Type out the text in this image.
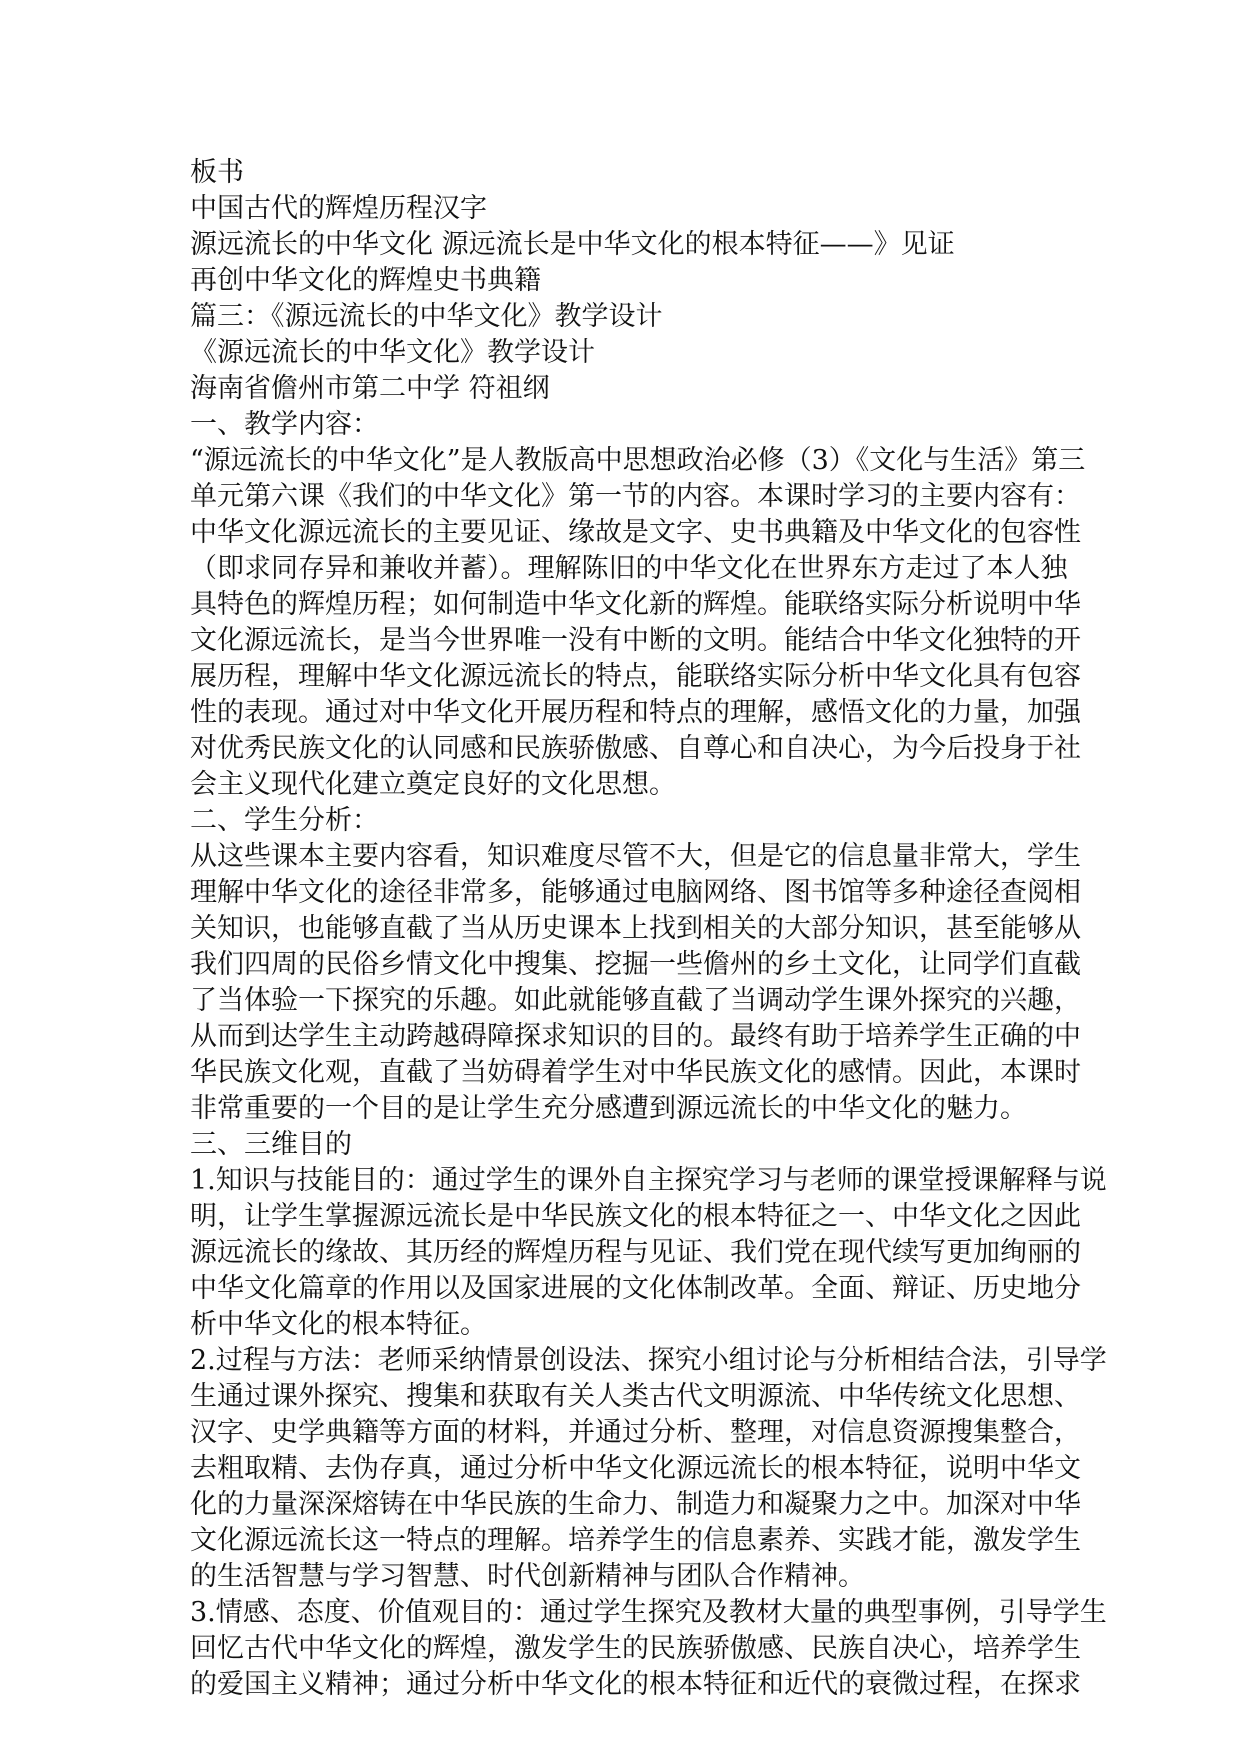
板书
中国古代的辉煌历程汉字
源远流长的中华文化 源远流长是中华文化的根本特征——》见证
再创中华文化的辉煌史书典籍
篇三：《源远流长的中华文化》教学设计
《源远流长的中华文化》教学设计
海南省儋州市第二中学 符祖纲
一、教学内容：
“源远流长的中华文化”是人教版高中思想政治必修（3）《文化与生活》第三
单元第六课《我们的中华文化》第一节的内容。本课时学习的主要内容有：
中华文化源远流长的主要见证、缘故是文字、史书典籍及中华文化的包容性
（即求同存异和兼收并蓄）。理解陈旧的中华文化在世界东方走过了本人独
具特色的辉煌历程；如何制造中华文化新的辉煌。能联络实际分析说明中华
文化源远流长，是当今世界唯一没有中断的文明。能结合中华文化独特的开
展历程，理解中华文化源远流长的特点，能联络实际分析中华文化具有包容
性的表现。通过对中华文化开展历程和特点的理解，感悟文化的力量，加强
对优秀民族文化的认同感和民族骄傲感、自尊心和自决心，为今后投身于社
会主义现代化建立奠定良好的文化思想。
二、学生分析：
从这些课本主要内容看，知识难度尽管不大，但是它的信息量非常大，学生
理解中华文化的途径非常多，能够通过电脑网络、图书馆等多种途径查阅相
关知识，也能够直截了当从历史课本上找到相关的大部分知识，甚至能够从
我们四周的民俗乡情文化中搜集、挖掘一些儋州的乡土文化，让同学们直截
了当体验一下探究的乐趣。如此就能够直截了当调动学生课外探究的兴趣，
从而到达学生主动跨越碍障探求知识的目的。最终有助于培养学生正确的中
华民族文化观，直截了当妨碍着学生对中华民族文化的感情。因此，本课时
非常重要的一个目的是让学生充分感遭到源远流长的中华文化的魅力。
三、三维目的
1.知识与技能目的：通过学生的课外自主探究学习与老师的课堂授课解释与说
明，让学生掌握源远流长是中华民族文化的根本特征之一、中华文化之因此
源远流长的缘故、其历经的辉煌历程与见证、我们党在现代续写更加绚丽的
中华文化篇章的作用以及国家进展的文化体制改革。全面、辩证、历史地分
析中华文化的根本特征。
2.过程与方法：老师采纳情景创设法、探究小组讨论与分析相结合法，引导学
生通过课外探究、搜集和获取有关人类古代文明源流、中华传统文化思想、
汉字、史学典籍等方面的材料，并通过分析、整理，对信息资源搜集整合，
去粗取精、去伪存真，通过分析中华文化源远流长的根本特征，说明中华文
化的力量深深熔铸在中华民族的生命力、制造力和凝聚力之中。加深对中华
文化源远流长这一特点的理解。培养学生的信息素养、实践才能，激发学生
的生活智慧与学习智慧、时代创新精神与团队合作精神。
3.情感、态度、价值观目的：通过学生探究及教材大量的典型事例，引导学生
回忆古代中华文化的辉煌，激发学生的民族骄傲感、民族自决心，培养学生
的爱国主义精神；通过分析中华文化的根本特征和近代的衰微过程，在探求
